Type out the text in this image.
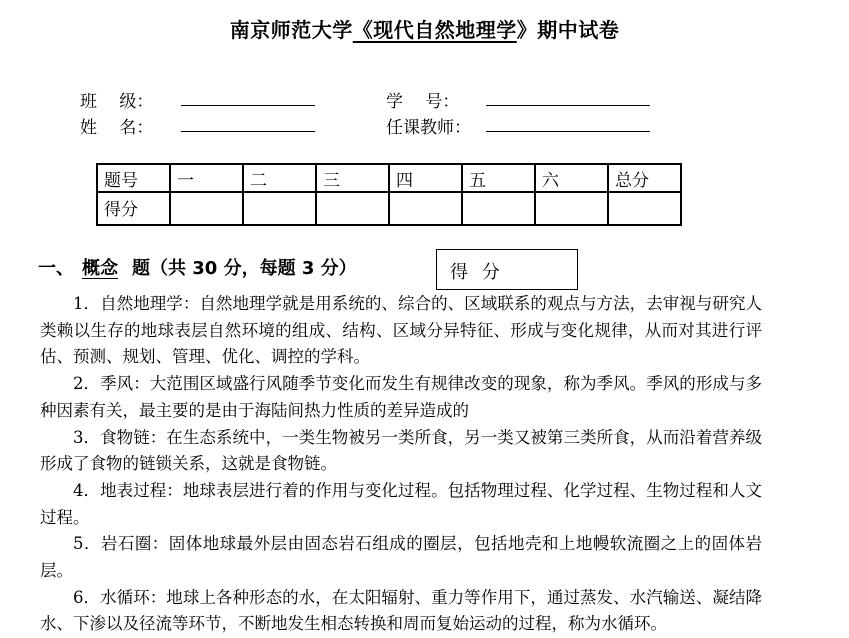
南京师范大学《现代自然地理学》期中试卷
班　 级：	学　 号：
姓　 名：	任课教师：
题号	一	二	三	四	五	六	总分
得分							
一、 概念 题（共 30 分，每题 3 分）	得 分

1．自然地理学：自然地理学就是用系统的、综合的、区域联系的观点与方法，去审视与研究人类赖以生存的地球表层自然环境的组成、结构、区域分异特征、形成与变化规律，从而对其进行评估、预测、规划、管理、优化、调控的学科。

2．季风：大范围区域盛行风随季节变化而发生有规律改变的现象，称为季风。季风的形成与多种因素有关，最主要的是由于海陆间热力性质的差异造成的

3．食物链：在生态系统中，一类生物被另一类所食，另一类又被第三类所食，从而沿着营养级形成了食物的链锁关系，这就是食物链。

4．地表过程：地球表层进行着的作用与变化过程。包括物理过程、化学过程、生物过程和人文过程。

5．岩石圈：固体地球最外层由固态岩石组成的圈层，包括地壳和上地幔软流圈之上的固体岩层。

6．水循环：地球上各种形态的水，在太阳辐射、重力等作用下，通过蒸发、水汽输送、凝结降水、下渗以及径流等环节，不断地发生相态转换和周而复始运动的过程，称为水循环。
